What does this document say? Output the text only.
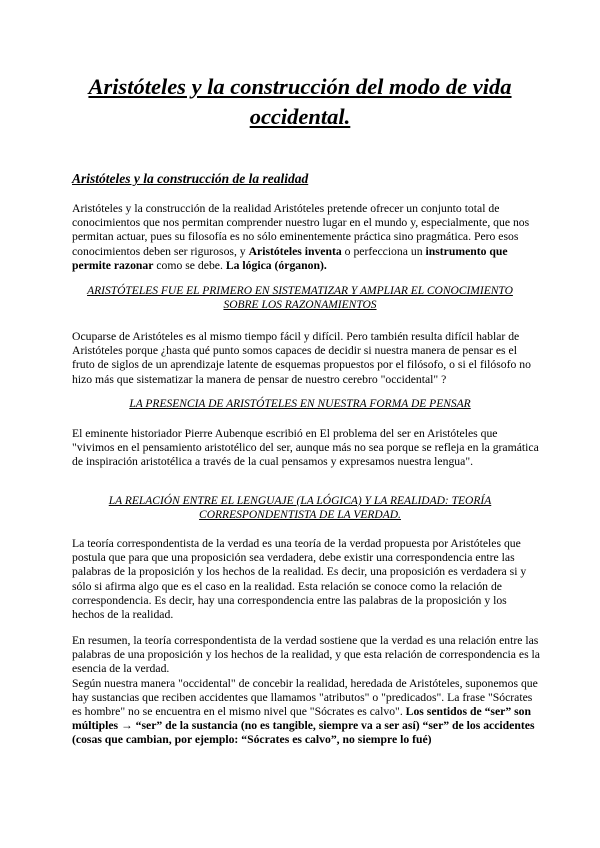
Aristóteles y la construcción del modo de vida occidental.
Aristóteles y la construcción de la realidad

Aristóteles y la construcción de la realidad Aristóteles pretende ofrecer un conjunto total de conocimientos que nos permitan comprender nuestro lugar en el mundo y, especialmente, que nos permitan actuar, pues su filosofía es no sólo eminentemente práctica sino pragmática. Pero esos conocimientos deben ser rigurosos, y Aristóteles inventa o perfecciona un instrumento que permite razonar como se debe. La lógica (órganon).

ARISTÓTELES FUE EL PRIMERO EN SISTEMATIZAR Y AMPLIAR EL CONOCIMIENTO SOBRE LOS RAZONAMIENTOS

Ocuparse de Aristóteles es al mismo tiempo fácil y difícil. Pero también resulta difícil hablar de Aristóteles porque ¿hasta qué punto somos capaces de decidir si nuestra manera de pensar es el fruto de siglos de un aprendizaje latente de esquemas propuestos por el filósofo, o si el filósofo no hizo más que sistematizar la manera de pensar de nuestro cerebro "occidental" ?

LA PRESENCIA DE ARISTÓTELES EN NUESTRA FORMA DE PENSAR

El eminente historiador Pierre Aubenque escribió en El problema del ser en Aristóteles que "vivimos en el pensamiento aristotélico del ser, aunque más no sea porque se refleja en la gramática de inspiración aristotélica a través de la cual pensamos y expresamos nuestra lengua".

LA RELACIÓN ENTRE EL LENGUAJE (LA LÓGICA) Y LA REALIDAD: TEORÍA CORRESPONDENTISTA DE LA VERDAD.

La teoría correspondentista de la verdad es una teoría de la verdad propuesta por Aristóteles que postula que para que una proposición sea verdadera, debe existir una correspondencia entre las palabras de la proposición y los hechos de la realidad. Es decir, una proposición es verdadera si y sólo si afirma algo que es el caso en la realidad. Esta relación se conoce como la relación de correspondencia. Es decir, hay una correspondencia entre las palabras de la proposición y los hechos de la realidad.

En resumen, la teoría correspondentista de la verdad sostiene que la verdad es una relación entre las palabras de una proposición y los hechos de la realidad, y que esta relación de correspondencia es la esencia de la verdad.
Según nuestra manera "occidental" de concebir la realidad, heredada de Aristóteles, suponemos que hay sustancias que reciben accidentes que llamamos "atributos" o "predicados". La frase "Sócrates es hombre" no se encuentra en el mismo nivel que "Sócrates es calvo". Los sentidos de “ser” son múltiples → “ser” de la sustancia (no es tangible, siempre va a ser así) “ser” de los accidentes (cosas que cambian, por ejemplo: “Sócrates es calvo”, no siempre lo fué)
